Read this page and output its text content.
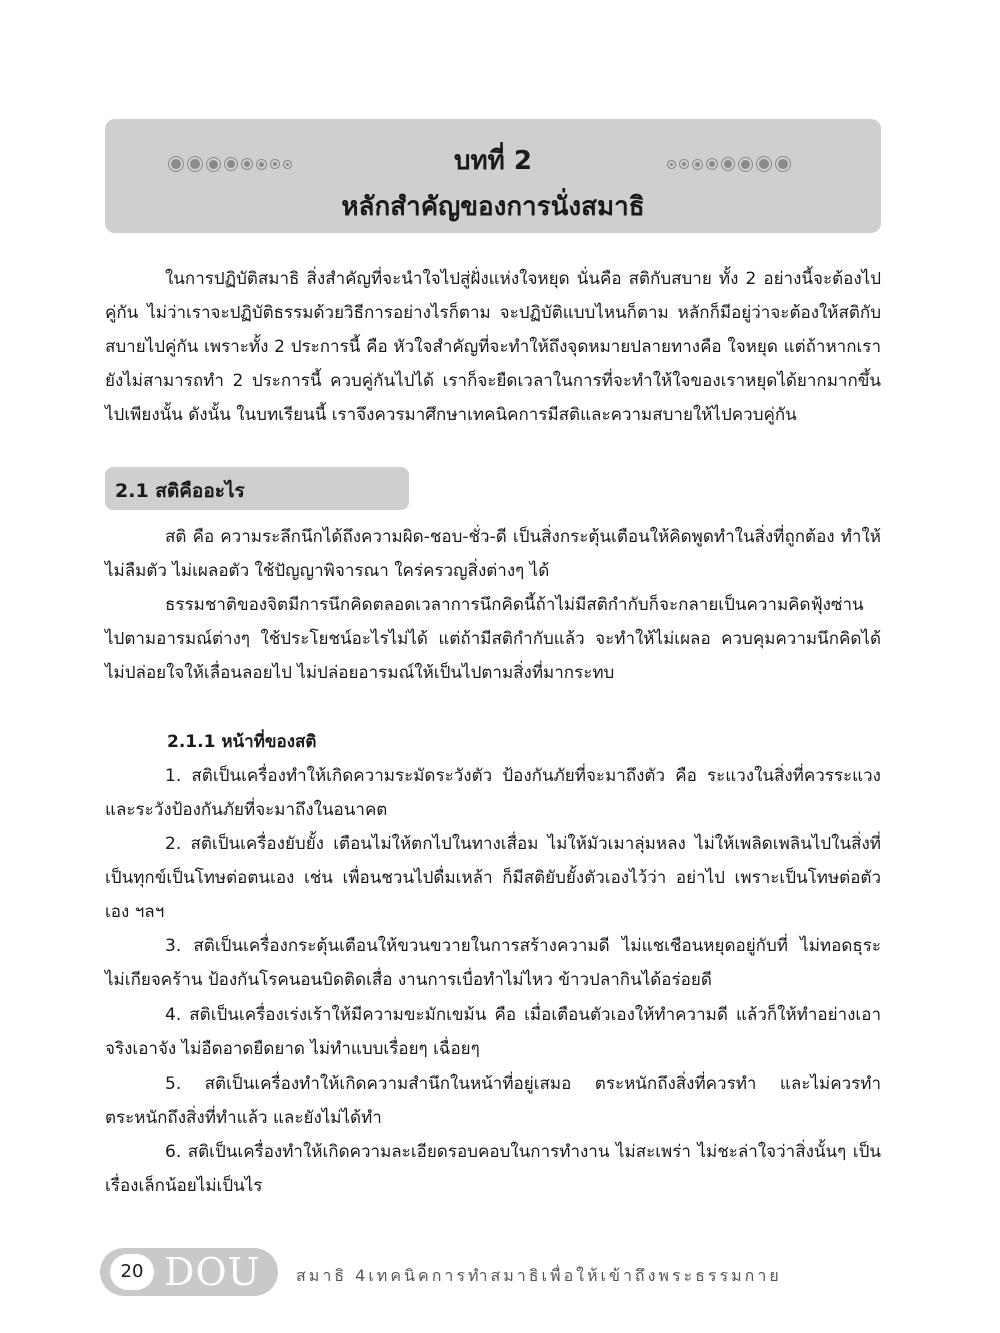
บทที่ 2
หลักสำคัญของการนั่งสมาธิ
ในการปฏิบัติสมาธิ สิ่งสำคัญที่จะนำใจไปสู่ฝั่งแห่งใจหยุด นั่นคือ สติกับสบาย ทั้ง 2 อย่างนี้จะต้องไปคู่กัน ไม่ว่าเราจะปฏิบัติธรรมด้วยวิธีการอย่างไรก็ตาม จะปฏิบัติแบบไหนก็ตาม หลักก็มีอยู่ว่าจะต้องให้สติกับสบายไปคู่กัน เพราะทั้ง 2 ประการนี้ คือ หัวใจสำคัญที่จะทำให้ถึงจุดหมายปลายทางคือ ใจหยุด แต่ถ้าหากเรายังไม่สามารถทำ 2 ประการนี้ ควบคู่กันไปได้ เราก็จะยืดเวลาในการที่จะทำให้ใจของเราหยุดได้ยากมากขึ้นไปเพียงนั้น ดังนั้น ในบทเรียนนี้ เราจึงควรมาศึกษาเทคนิคการมีสติและความสบายให้ไปควบคู่กัน
2.1 สติคืออะไร
สติ คือ ความระลึกนึกได้ถึงความผิด-ชอบ-ชั่ว-ดี เป็นสิ่งกระตุ้นเตือนให้คิดพูดทำในสิ่งที่ถูกต้อง ทำให้ไม่ลืมตัว ไม่เผลอตัว ใช้ปัญญาพิจารณา ใคร่ครวญสิ่งต่างๆ ได้
ธรรมชาติของจิตมีการนึกคิดตลอดเวลาการนึกคิดนี้ถ้าไม่มีสติกำกับก็จะกลายเป็นความคิดฟุ้งซ่านไปตามอารมณ์ต่างๆ ใช้ประโยชน์อะไรไม่ได้ แต่ถ้ามีสติกำกับแล้ว จะทำให้ไม่เผลอ ควบคุมความนึกคิดได้ ไม่ปล่อยใจให้เลื่อนลอยไป ไม่ปล่อยอารมณ์ให้เป็นไปตามสิ่งที่มากระทบ
2.1.1 หน้าที่ของสติ
1. สติเป็นเครื่องทำให้เกิดความระมัดระวังตัว ป้องกันภัยที่จะมาถึงตัว คือ ระแวงในสิ่งที่ควรระแวงและระวังป้องกันภัยที่จะมาถึงในอนาคต
2. สติเป็นเครื่องยับยั้ง เตือนไม่ให้ตกไปในทางเสื่อม ไม่ให้มัวเมาลุ่มหลง ไม่ให้เพลิดเพลินไปในสิ่งที่เป็นทุกข์เป็นโทษต่อตนเอง เช่น เพื่อนชวนไปดื่มเหล้า ก็มีสติยับยั้งตัวเองไว้ว่า อย่าไป เพราะเป็นโทษต่อตัวเอง ฯลฯ
3. สติเป็นเครื่องกระตุ้นเตือนให้ขวนขวายในการสร้างความดี ไม่แชเชือนหยุดอยู่กับที่ ไม่ทอดธุระ ไม่เกียจคร้าน ป้องกันโรคนอนบิดติดเสื่อ งานการเบื่อทำไม่ไหว ข้าวปลากินได้อร่อยดี
4. สติเป็นเครื่องเร่งเร้าให้มีความขะมักเขม้น คือ เมื่อเตือนตัวเองให้ทำความดี แล้วก็ให้ทำอย่างเอาจริงเอาจัง ไม่อืดอาดยืดยาด ไม่ทำแบบเรื่อยๆ เฉื่อยๆ
5. สติเป็นเครื่องทำให้เกิดความสำนึกในหน้าที่อยู่เสมอ ตระหนักถึงสิ่งที่ควรทำ และไม่ควรทำ ตระหนักถึงสิ่งที่ทำแล้ว และยังไม่ได้ทำ
6. สติเป็นเครื่องทำให้เกิดความละเอียดรอบคอบในการทำงาน ไม่สะเพร่า ไม่ชะล่าใจว่าสิ่งนั้นๆ เป็นเรื่องเล็กน้อยไม่เป็นไร
20 DOU สมาธิ 4เทคนิคการทำสมาธิเพื่อให้เข้าถึงพระธรรมกาย
